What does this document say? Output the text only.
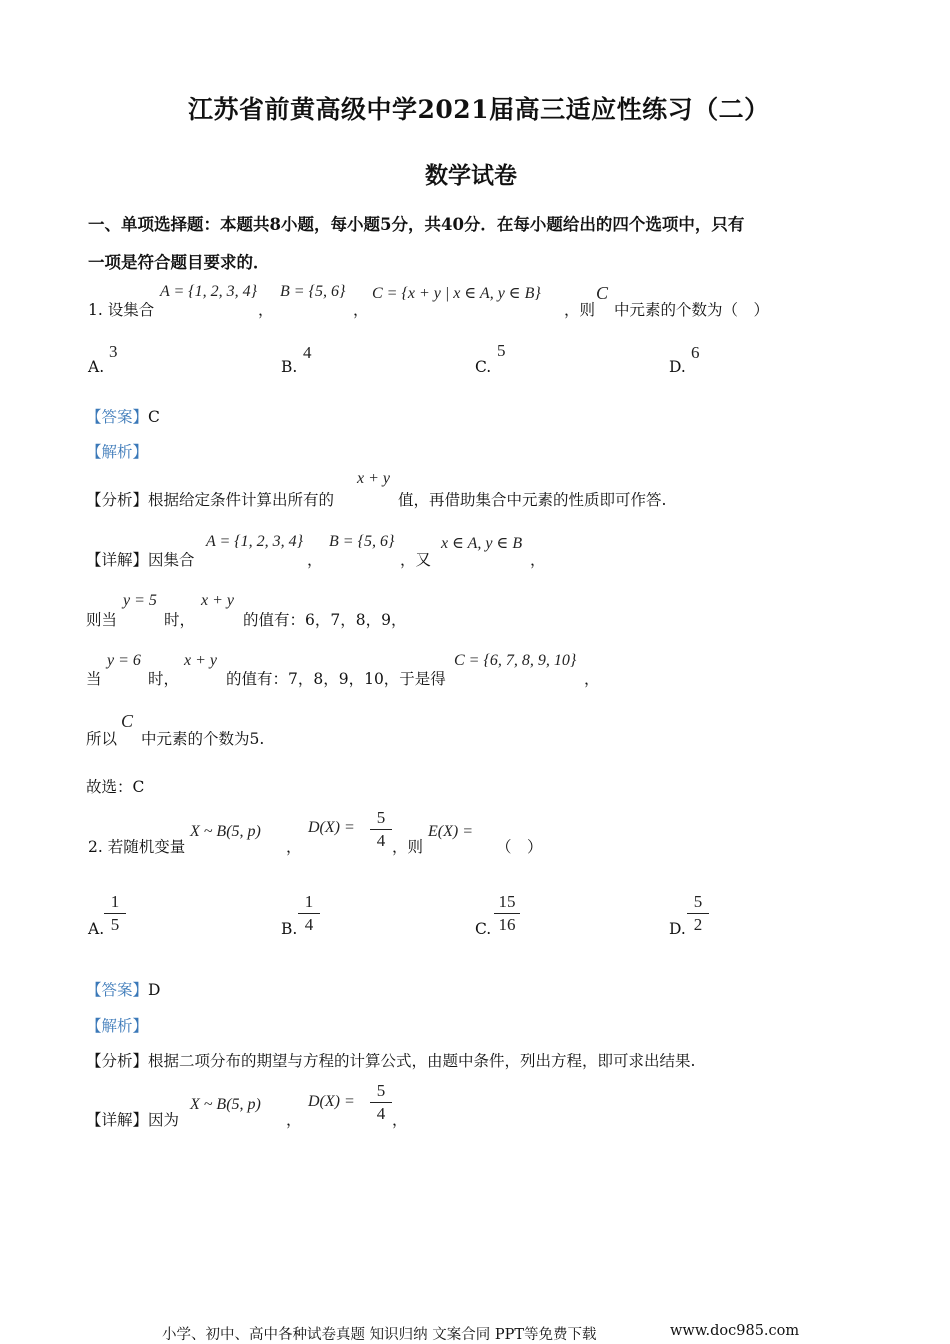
江苏省前黄高级中学2021届高三适应性练习（二）
数学试卷
一、单项选择题：本题共8小题，每小题5分，共40分．在每小题给出的四个选项中，只有
一项是符合题目要求的．
1. 设集合
A = {1, 2, 3, 4}
，
B = {5, 6}
，
C = {x + y | x ∈ A, y ∈ B}
，则
C
中元素的个数为（　）
A.
3
B.
4
C.
5
D.
6
【答案】C
【解析】
【分析】根据给定条件计算出所有的
x + y
值，再借助集合中元素的性质即可作答.
【详解】因集合
A = {1, 2, 3, 4}
，
B = {5, 6}
，又
x ∈ A, y ∈ B
，
则当
y = 5
时，
x + y
的值有：6，7，8，9，
当
y = 6
时，
x + y
的值有：7，8，9，10，于是得
C = {6, 7, 8, 9, 10}
，
所以
C
中元素的个数为5.
故选：C
2. 若随机变量
X ~ B(5, p)
，
D(X) =
5
4 ，则
E(X) =
（　）
A.
1
5	B.
1
4	C.
15
16	D.
5
2
【答案】D
【解析】
【分析】根据二项分布的期望与方程的计算公式，由题中条件，列出方程，即可求出结果.
【详解】因为
X ~ B(5, p)
，
D(X) =
5
4 ，
小学、初中、高中各种试卷真题 知识归纳 文案合同 PPT等免费下载	www.doc985.com
